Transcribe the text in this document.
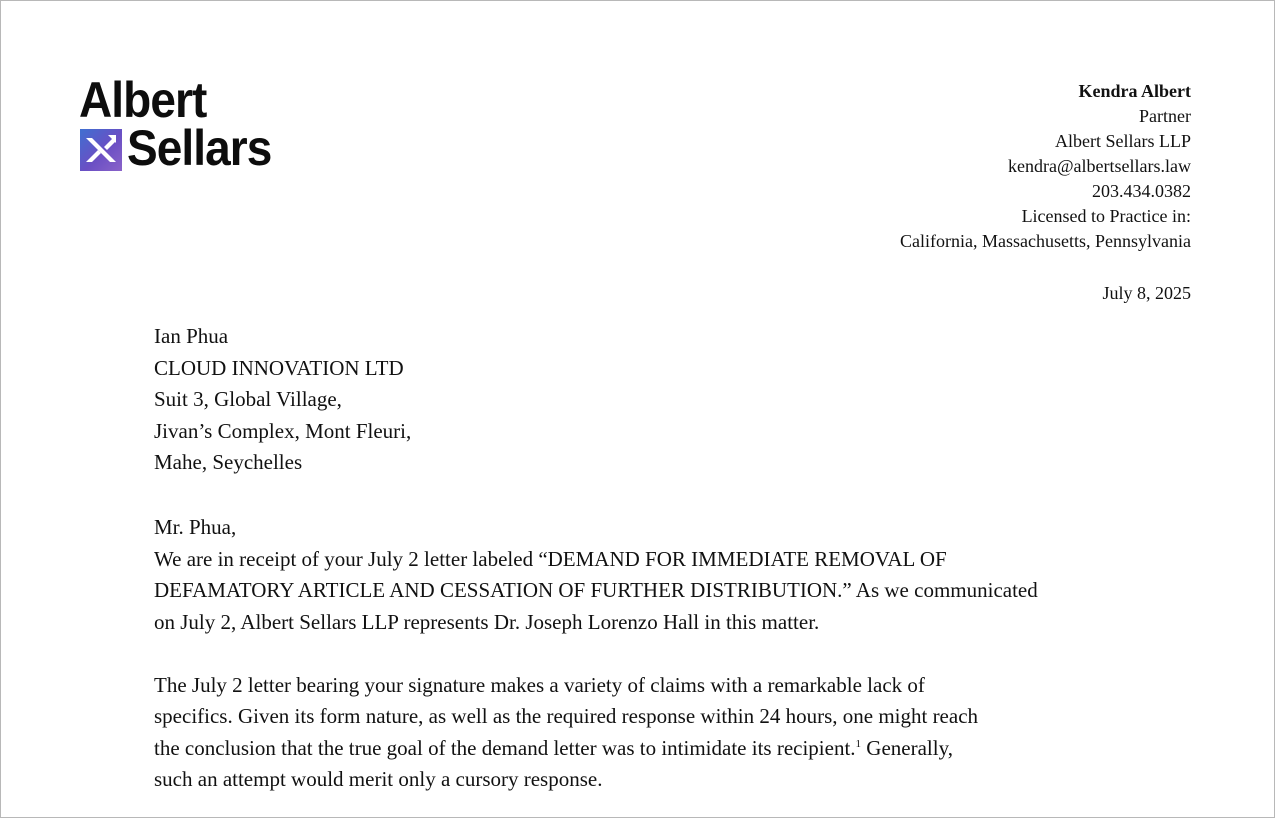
Albert
Sellars
Kendra Albert
Partner
Albert Sellars LLP
kendra@albertsellars.law
203.434.0382
Licensed to Practice in:
California, Massachusetts, Pennsylvania
July 8, 2025
Ian Phua
CLOUD INNOVATION LTD
Suit 3, Global Village,
Jivan’s Complex, Mont Fleuri,
Mahe, Seychelles

Mr. Phua,

We are in receipt of your July 2 letter labeled “DEMAND FOR IMMEDIATE REMOVAL OF
DEFAMATORY ARTICLE AND CESSATION OF FURTHER DISTRIBUTION.” As we communicated
on July 2, Albert Sellars LLP represents Dr. Joseph Lorenzo Hall in this matter.

The July 2 letter bearing your signature makes a variety of claims with a remarkable lack of
specifics. Given its form nature, as well as the required response within 24 hours, one might reach
the conclusion that the true goal of the demand letter was to intimidate its recipient.$^1$ Generally,
such an attempt would merit only a cursory response.
